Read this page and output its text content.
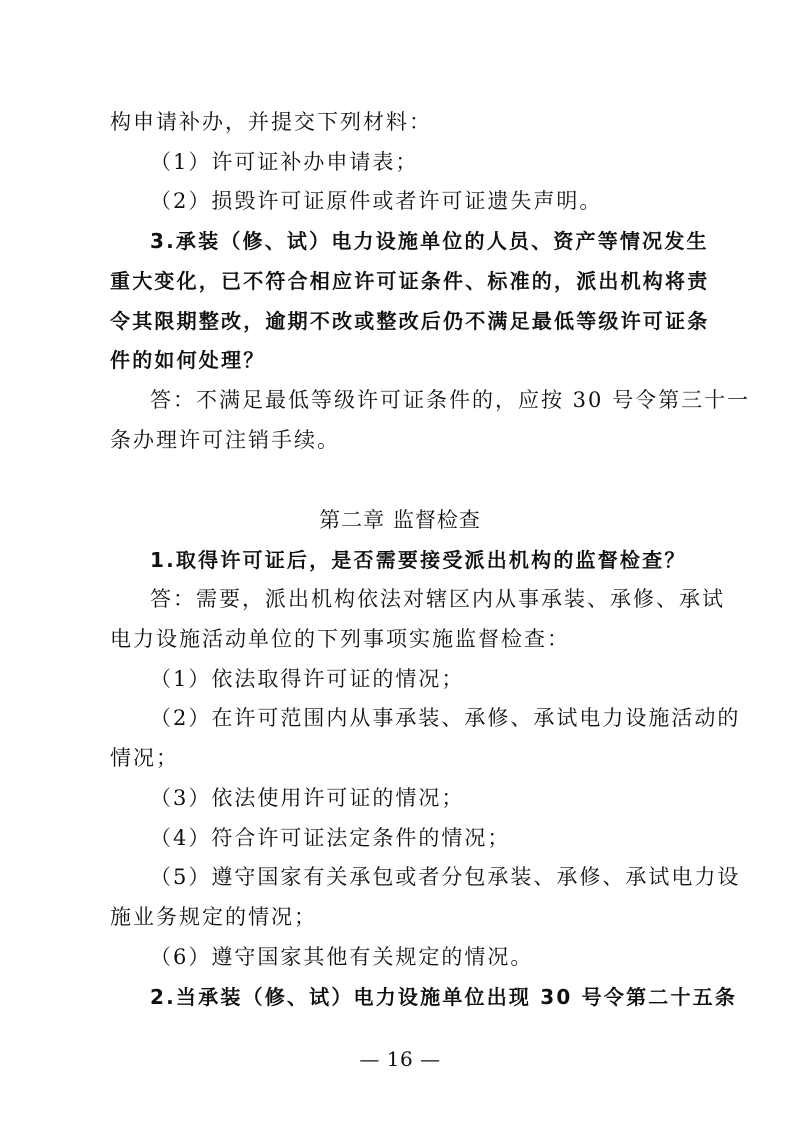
构申请补办，并提交下列材料：
（1）许可证补办申请表；
（2）损毁许可证原件或者许可证遗失声明。
3.承装（修、试）电力设施单位的人员、资产等情况发生
重大变化，已不符合相应许可证条件、标准的，派出机构将责
令其限期整改，逾期不改或整改后仍不满足最低等级许可证条
件的如何处理？
答：不满足最低等级许可证条件的，应按 30 号令第三十一
条办理许可注销手续。
第二章 监督检查
1.取得许可证后，是否需要接受派出机构的监督检查？
答：需要，派出机构依法对辖区内从事承装、承修、承试
电力设施活动单位的下列事项实施监督检查：
（1）依法取得许可证的情况；
（2）在许可范围内从事承装、承修、承试电力设施活动的
情况；
（3）依法使用许可证的情况；
（4）符合许可证法定条件的情况；
（5）遵守国家有关承包或者分包承装、承修、承试电力设
施业务规定的情况；
（6）遵守国家其他有关规定的情况。
2.当承装（修、试）电力设施单位出现 30 号令第二十五条
— 16 —
